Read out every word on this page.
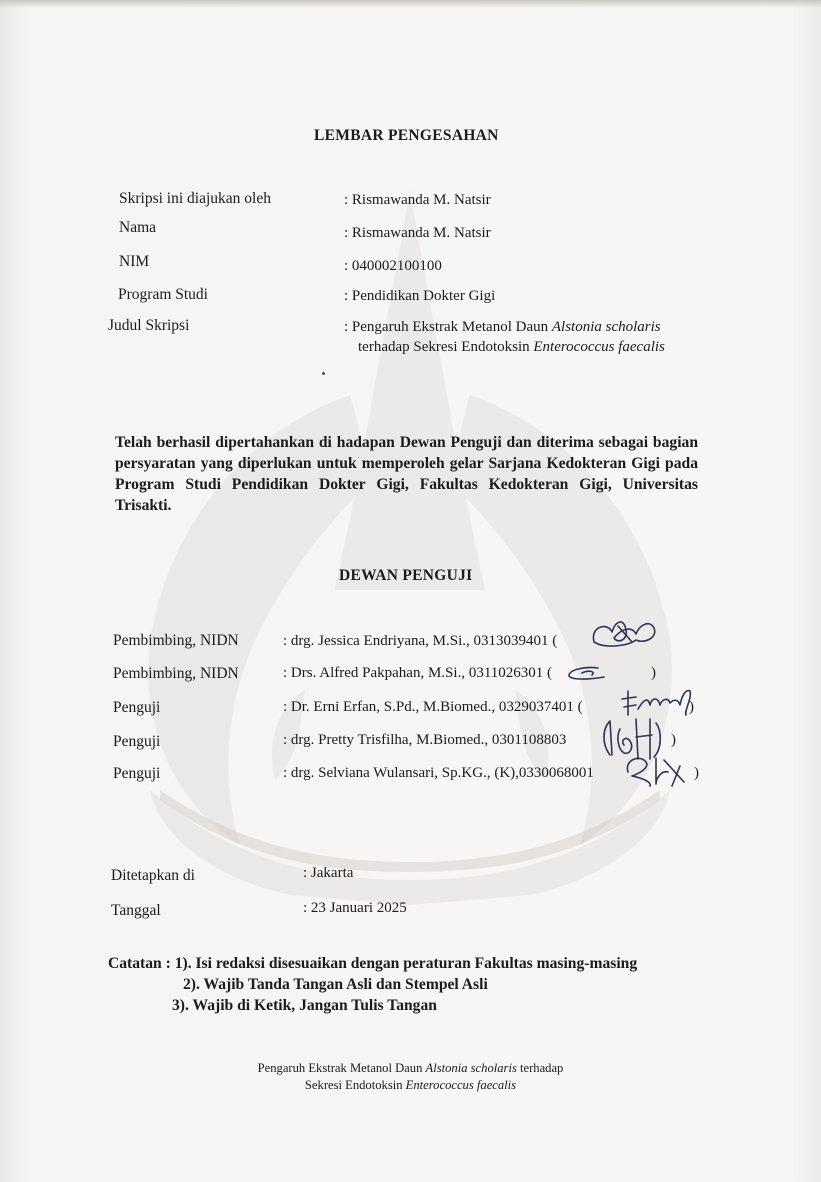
LEMBAR PENGESAHAN
Skripsi ini diajukan oleh	: Rismawanda M. Natsir
Nama	: Rismawanda M. Natsir
NIM	: 040002100100
Program Studi	: Pendidikan Dokter Gigi
Judul Skripsi	: Pengaruh Ekstrak Metanol Daun Alstonia scholaris
terhadap Sekresi Endotoksin Enterococcus faecalis
Telah berhasil dipertahankan di hadapan Dewan Penguji dan diterima sebagai bagian persyaratan yang diperlukan untuk memperoleh gelar Sarjana Kedokteran Gigi pada Program Studi Pendidikan Dokter Gigi, Fakultas Kedokteran Gigi, Universitas Trisakti.
DEWAN PENGUJI
Pembimbing, NIDN	: drg. Jessica Endriyana, M.Si., 0313039401 (
Pembimbing, NIDN	: Drs. Alfred Pakpahan, M.Si., 0311026301 (	)
Penguji	: Dr. Erni Erfan, S.Pd., M.Biomed., 0329037401 (	)
Penguji	: drg. Pretty Trisfilha, M.Biomed., 0301108803	)
Penguji	: drg. Selviana Wulansari, Sp.KG., (K),0330068001	)
Ditetapkan di	: Jakarta
Tanggal	: 23 Januari 2025
Catatan : 1). Isi redaksi disesuaikan dengan peraturan Fakultas masing-masing
2). Wajib Tanda Tangan Asli dan Stempel Asli
3). Wajib di Ketik, Jangan Tulis Tangan
Pengaruh Ekstrak Metanol Daun Alstonia scholaris terhadap
Sekresi Endotoksin Enterococcus faecalis
